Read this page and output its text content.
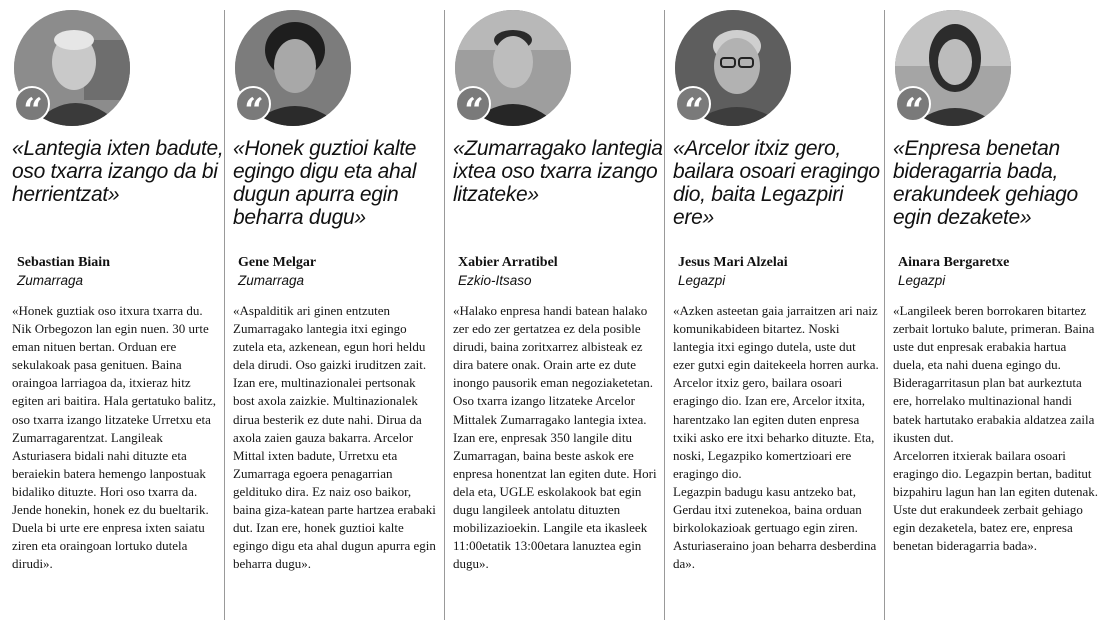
“
«Lantegia ixten badute, oso txarra izango da bi herrientzat»
Sebastian Biain
Zumarraga
«Honek guztiak oso itxura txarra du. Nik Orbegozon lan egin nuen. 30 urte eman nituen bertan. Orduan ere sekulakoak pasa genituen. Baina oraingoa larriagoa da, itxieraz hitz egiten ari baitira. Hala gertatuko balitz, oso txarra izango litzateke Urretxu eta Zumarragarentzat. Langileak Asturiasera bidali nahi dituzte eta beraiekin batera hemengo lanpostuak bidaliko dituzte. Hori oso txarra da. Jende honekin, honek ez du bueltarik. Duela bi urte ere enpresa ixten saiatu ziren eta oraingoan lortuko dutela dirudi».
“
«Honek guztioi kalte egingo digu eta ahal dugun apurra egin beharra dugu»
Gene Melgar
Zumarraga
«Aspalditik ari ginen entzuten Zumarragako lantegia itxi egingo zutela eta, azkenean, egun hori heldu dela dirudi. Oso gaizki iruditzen zait. Izan ere, multinazionalei pertsonak bost axola zaizkie. Multinazionalek dirua besterik ez dute nahi. Dirua da axola zaien gauza bakarra. Arcelor Mittal ixten badute, Urretxu eta Zumarraga egoera penagarrian geldituko dira. Ez naiz oso baikor, baina giza-katean parte hartzea erabaki dut. Izan ere, honek guztioi kalte egingo digu eta ahal dugun apurra egin beharra dugu».
“
«Zumarragako lantegia ixtea oso txarra izango litzateke»
Xabier Arratibel
Ezkio-Itsaso
«Halako enpresa handi batean halako zer edo zer gertatzea ez dela posible dirudi, baina zoritxarrez albisteak ez dira batere onak. Orain arte ez dute inongo pausorik eman negoziaketetan. Oso txarra izango litzateke Arcelor Mittalek Zumarragako lantegia ixtea. Izan ere, enpresak 350 langile ditu Zumarragan, baina beste askok ere enpresa honentzat lan egiten dute. Hori dela eta, UGLE eskolakook bat egin dugu langileek antolatu dituzten mobilizazioekin. Langile eta ikasleek 11:00etatik 13:00etara lanuztea egin dugu».
“
«Arcelor itxiz gero, bailara osoari eragingo dio, baita Legazpiri ere»
Jesus Mari Alzelai
Legazpi
«Azken asteetan gaia jarraitzen ari naiz komunikabideen bitartez. Noski lantegia itxi egingo dutela, uste dut ezer gutxi egin daitekeela horren aurka.
Arcelor itxiz gero, bailara osoari eragingo dio. Izan ere, Arcelor itxita, harentzako lan egiten duten enpresa txiki asko ere itxi beharko dituzte. Eta, noski, Legazpiko komertzioari ere eragingo dio.
Legazpin badugu kasu antzeko bat, Gerdau itxi zutenekoa, baina orduan birkolokazioak gertuago egin ziren. Asturiaseraino joan beharra desberdina da».
“
«Enpresa benetan bideragarria bada, erakundeek gehiago egin dezakete»
Ainara Bergaretxe
Legazpi
«Langileek beren borrokaren bitartez zerbait lortuko balute, primeran. Baina uste dut enpresak erabakia hartua duela, eta nahi duena egingo du. Bideragarritasun plan bat aurkeztuta ere, horrelako multinazional handi batek hartutako erabakia aldatzea zaila ikusten dut.
Arcelorren itxierak bailara osoari eragingo dio. Legazpin bertan, baditut bizpahiru lagun han lan egiten dutenak.
Uste dut erakundeek zerbait gehiago egin dezaketela, batez ere, enpresa benetan bideragarria bada».
